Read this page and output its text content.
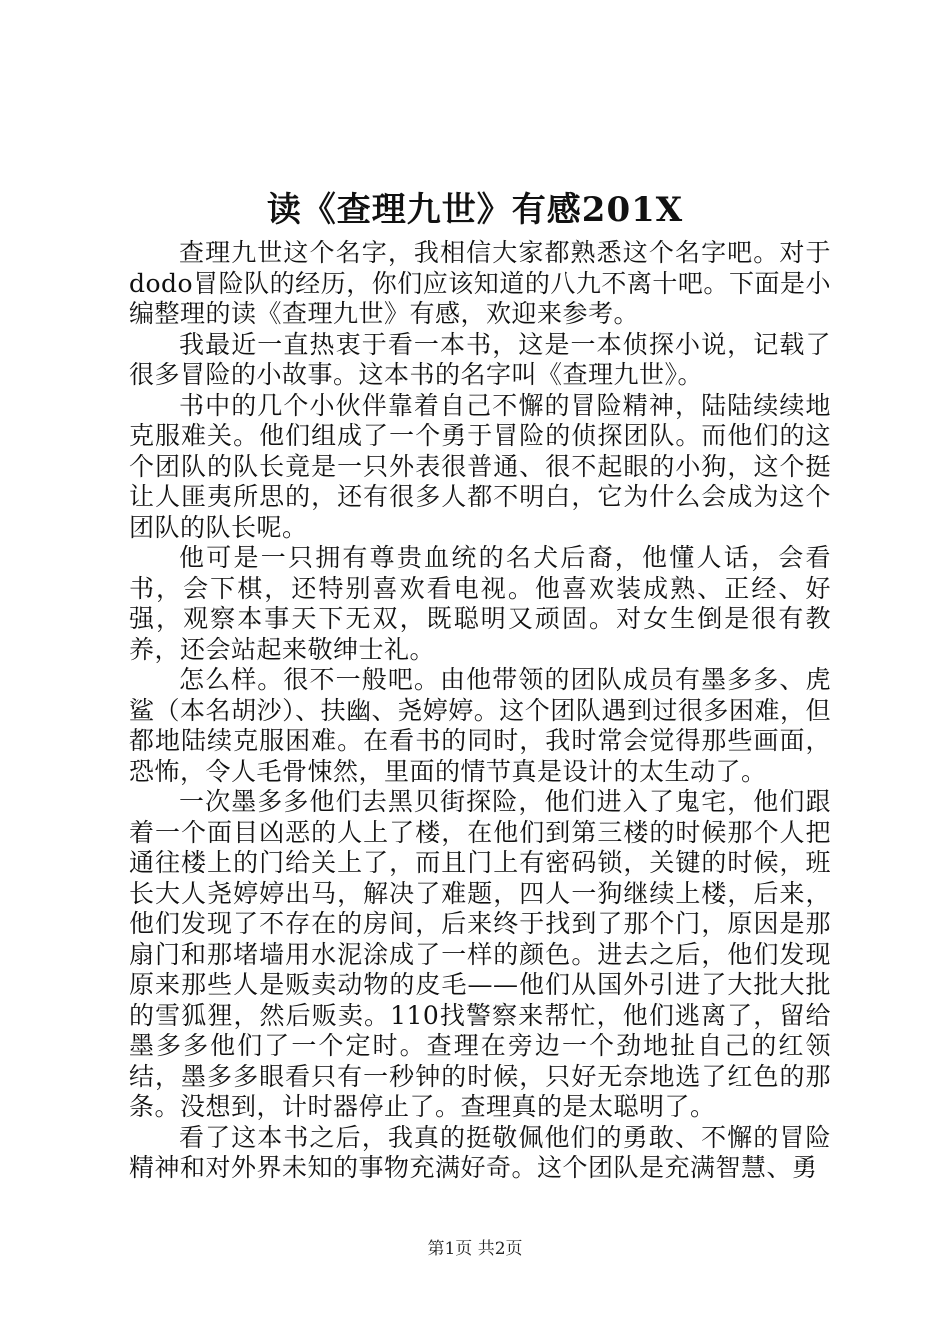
读《查理九世》有感201X

查理九世这个名字，我相信大家都熟悉这个名字吧。对于dodo冒险队的经历，你们应该知道的八九不离十吧。下面是小编整理的读《查理九世》有感，欢迎来参考。

我最近一直热衷于看一本书，这是一本侦探小说，记载了很多冒险的小故事。这本书的名字叫《查理九世》。

书中的几个小伙伴靠着自己不懈的冒险精神，陆陆续续地克服难关。他们组成了一个勇于冒险的侦探团队。而他们的这个团队的队长竟是一只外表很普通、很不起眼的小狗，这个挺让人匪夷所思的，还有很多人都不明白，它为什么会成为这个团队的队长呢。

他可是一只拥有尊贵血统的名犬后裔，他懂人话，会看书，会下棋，还特别喜欢看电视。他喜欢装成熟、正经、好强，观察本事天下无双，既聪明又顽固。对女生倒是很有教养，还会站起来敬绅士礼。

怎么样。很不一般吧。由他带领的团队成员有墨多多、虎鲨（本名胡沙）、扶幽、尧婷婷。这个团队遇到过很多困难，但都地陆续克服困难。在看书的同时，我时常会觉得那些画面，恐怖，令人毛骨悚然，里面的情节真是设计的太生动了。

一次墨多多他们去黑贝街探险，他们进入了鬼宅，他们跟着一个面目凶恶的人上了楼，在他们到第三楼的时候那个人把通往楼上的门给关上了，而且门上有密码锁，关键的时候，班长大人尧婷婷出马，解决了难题，四人一狗继续上楼，后来，他们发现了不存在的房间，后来终于找到了那个门，原因是那扇门和那堵墙用水泥涂成了一样的颜色。进去之后，他们发现原来那些人是贩卖动物的皮毛——他们从国外引进了大批大批的雪狐狸，然后贩卖。110找警察来帮忙，他们逃离了，留给墨多多他们了一个定时。查理在旁边一个劲地扯自己的红领结，墨多多眼看只有一秒钟的时候，只好无奈地选了红色的那条。没想到，计时器停止了。查理真的是太聪明了。

看了这本书之后，我真的挺敬佩他们的勇敢、不懈的冒险精神和对外界未知的事物充满好奇。这个团队是充满智慧、勇

第1页 共2页
